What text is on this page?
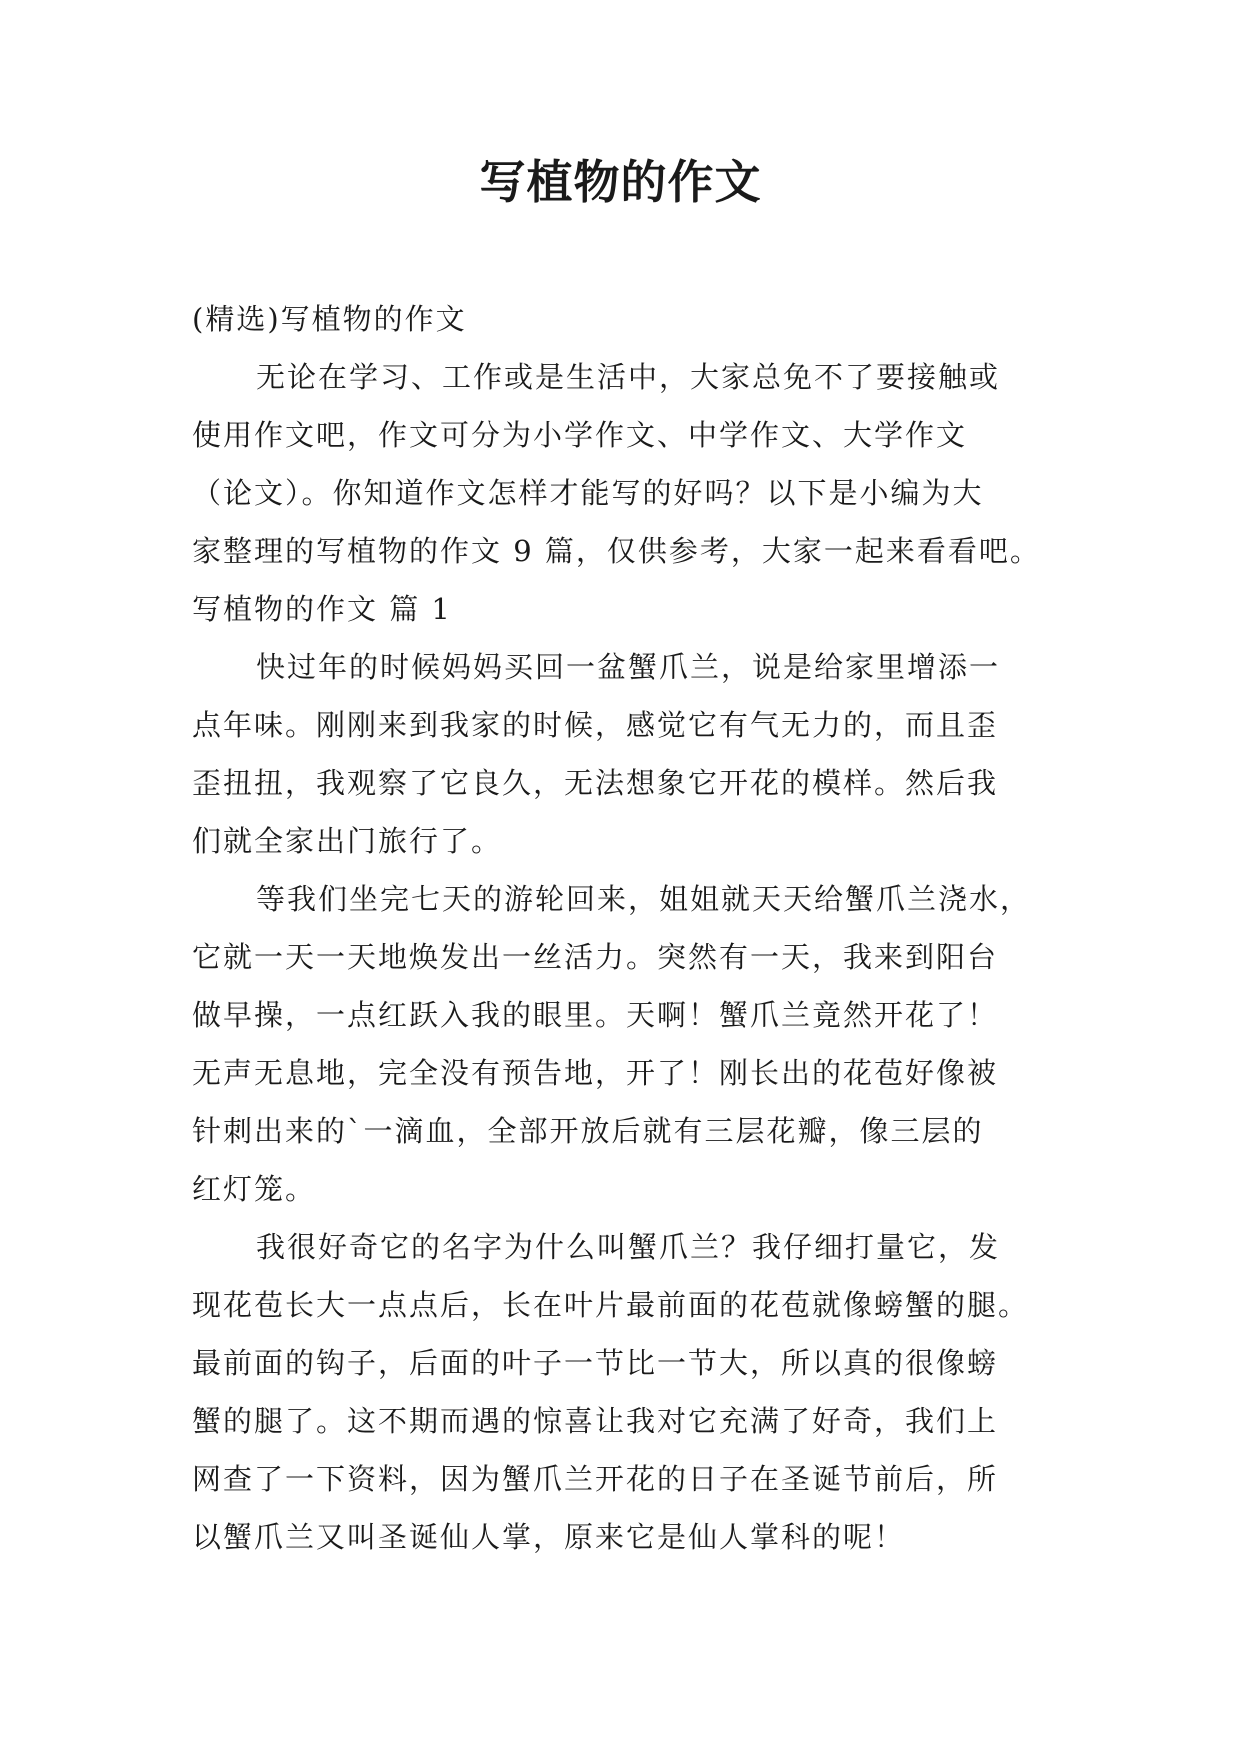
写植物的作文
(精选)写植物的作文
无论在学习、工作或是生活中，大家总免不了要接触或
使用作文吧，作文可分为小学作文、中学作文、大学作文
（论文）。你知道作文怎样才能写的好吗？以下是小编为大
家整理的写植物的作文 9 篇，仅供参考，大家一起来看看吧。
写植物的作文 篇 1
快过年的时候妈妈买回一盆蟹爪兰，说是给家里增添一
点年味。刚刚来到我家的时候，感觉它有气无力的，而且歪
歪扭扭，我观察了它良久，无法想象它开花的模样。然后我
们就全家出门旅行了。
等我们坐完七天的游轮回来，姐姐就天天给蟹爪兰浇水，
它就一天一天地焕发出一丝活力。突然有一天，我来到阳台
做早操，一点红跃入我的眼里。天啊！蟹爪兰竟然开花了！
无声无息地，完全没有预告地，开了！刚长出的花苞好像被
针刺出来的`一滴血，全部开放后就有三层花瓣，像三层的
红灯笼。
我很好奇它的名字为什么叫蟹爪兰？我仔细打量它，发
现花苞长大一点点后，长在叶片最前面的花苞就像螃蟹的腿。
最前面的钩子，后面的叶子一节比一节大，所以真的很像螃
蟹的腿了。这不期而遇的惊喜让我对它充满了好奇，我们上
网查了一下资料，因为蟹爪兰开花的日子在圣诞节前后，所
以蟹爪兰又叫圣诞仙人掌，原来它是仙人掌科的呢！
